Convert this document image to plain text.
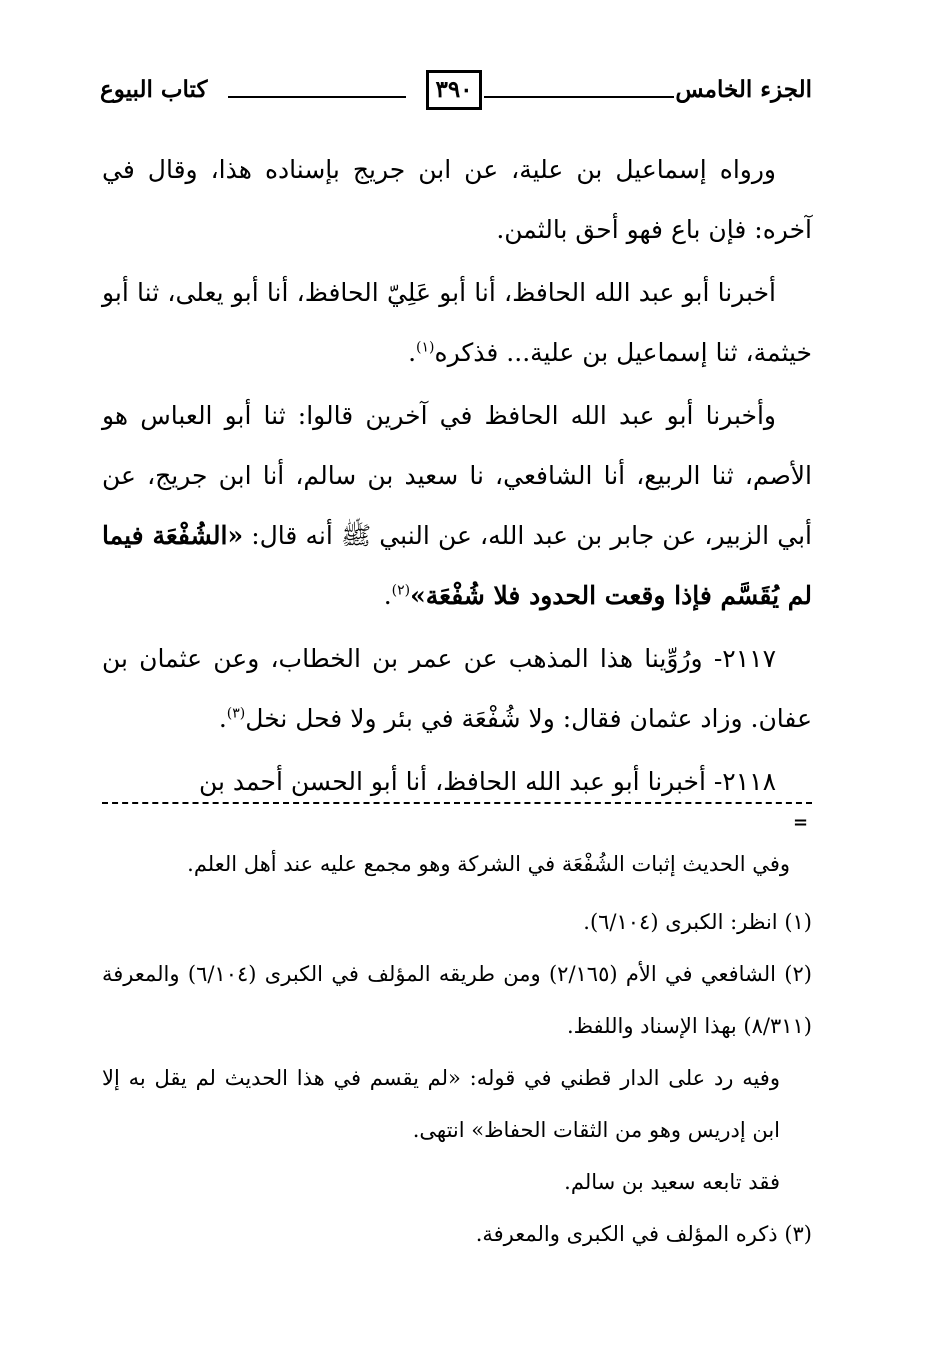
الجزء الخامس
٣٩٠
كتاب البيوع

ورواه إسماعيل بن علية، عن ابن جريج بإسناده هذا، وقال في آخره: فإن باع فهو أحق بالثمن.

أخبرنا أبو عبد الله الحافظ، أنا أبو عَلِيّ الحافظ، أنا أبو يعلى، ثنا أبو خيثمة، ثنا إسماعيل بن علية... فذكره$^{(١)}$.

وأخبرنا أبو عبد الله الحافظ في آخرين قالوا: ثنا أبو العباس هو الأصم، ثنا الربيع، أنا الشافعي، نا سعيد بن سالم، أنا ابن جريج، عن أبي الزبير، عن جابر بن عبد الله، عن النبي ﷺ أنه قال: «الشُفْعَة فيما لم يُقَسَّم فإذا وقعت الحدود فلا شُفْعَة»$^{(٢)}$.

٢١١٧- ورُوِّينا هذا المذهب عن عمر بن الخطاب، وعن عثمان بن عفان. وزاد عثمان فقال: ولا شُفْعَة في بئر ولا فحل نخل$^{(٣)}$.

٢١١٨- أخبرنا أبو عبد الله الحافظ، أنا أبو الحسن أحمد بن

=

وفي الحديث إثبات الشُفْعَة في الشركة وهو مجمع عليه عند أهل العلم.

(١) انظر: الكبرى (٦/١٠٤).

(٢) الشافعي في الأم (٢/١٦٥) ومن طريقه المؤلف في الكبرى (٦/١٠٤) والمعرفة (٨/٣١١) بهذا الإسناد واللفظ.

وفيه رد على الدار قطني في قوله: «لم يقسم في هذا الحديث لم يقل به إلا ابن إدريس وهو من الثقات الحفاظ» انتهى.

فقد تابعه سعيد بن سالم.

(٣) ذكره المؤلف في الكبرى والمعرفة.
